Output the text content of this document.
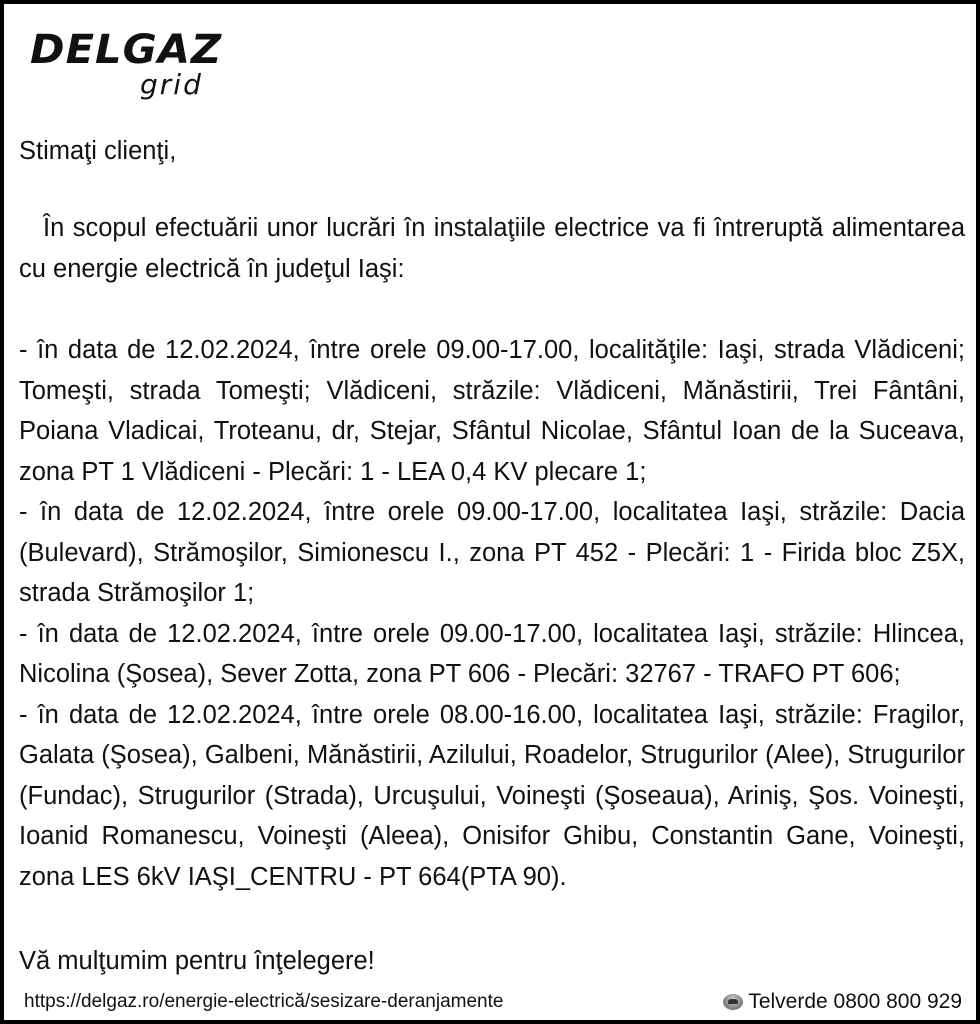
DELGAZ
grid
Stimaţi clienţi,
În scopul efectuării unor lucrări în instalaţiile electrice va fi întreruptă alimentarea cu energie electrică în judeţul Iaşi:
- în data de 12.02.2024, între orele 09.00-17.00, localităţile: Iaşi, strada Vlădiceni; Tomeşti, strada Tomeşti; Vlădiceni, străzile: Vlădiceni, Mănăstirii, Trei Fântâni, Poiana Vladicai, Troteanu, dr, Stejar, Sfântul Nicolae, Sfântul Ioan de la Suceava, zona PT 1 Vlădiceni - Plecări: 1 - LEA 0,4 KV plecare 1;
- în data de 12.02.2024, între orele 09.00-17.00, localitatea Iaşi, străzile: Dacia (Bulevard), Strămoşilor, Simionescu I., zona PT 452 - Plecări: 1 - Firida bloc Z5X, strada Strămoşilor 1;
- în data de 12.02.2024, între orele 09.00-17.00, localitatea Iaşi, străzile: Hlincea, Nicolina (Şosea), Sever Zotta, zona PT 606 - Plecări: 32767 - TRAFO PT 606;
- în data de 12.02.2024, între orele 08.00-16.00, localitatea Iaşi, străzile: Fragilor, Galata (Şosea), Galbeni, Mănăstirii, Azilului, Roadelor, Strugurilor (Alee), Strugurilor (Fundac), Strugurilor (Strada), Urcuşului, Voineşti (Şoseaua), Ariniş, Şos. Voineşti, Ioanid Romanescu, Voineşti (Aleea), Onisifor Ghibu, Constantin Gane, Voineşti, zona LES 6kV IAŞI_CENTRU - PT 664(PTA 90).
Vă mulţumim pentru înţelegere!
https://delgaz.ro/energie-electrică/sesizare-deranjamente	Telverde 0800 800 929
